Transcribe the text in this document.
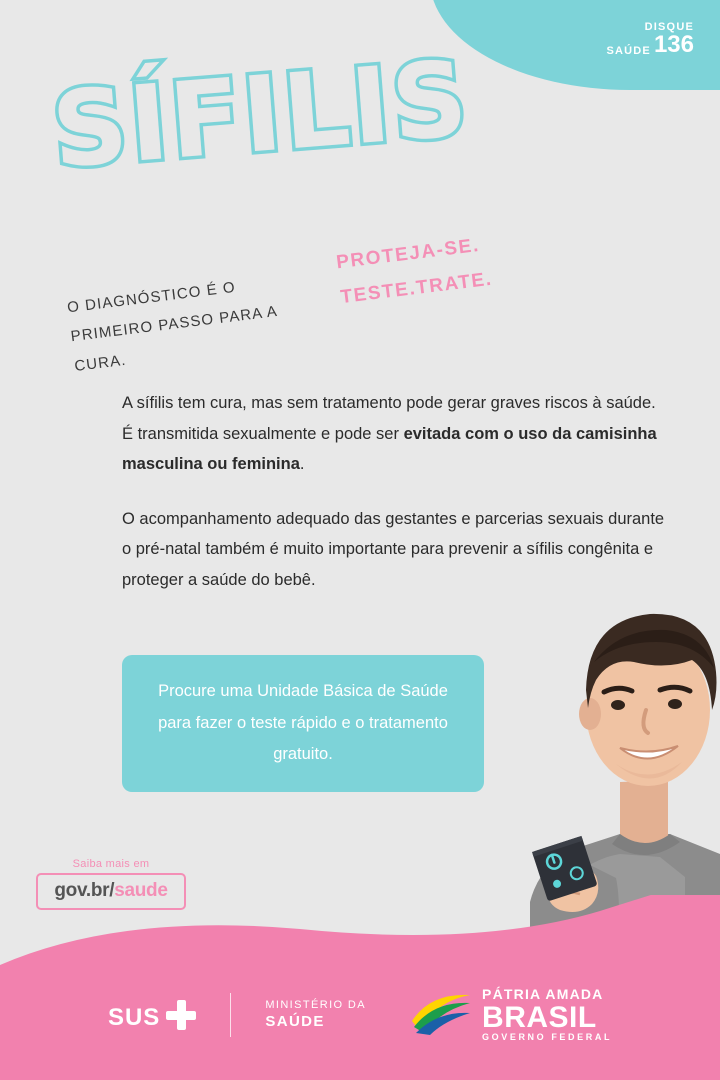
DISQUE
SAÚDE 136
SÍFILIS
O DIAGNÓSTICO É O PRIMEIRO PASSO PARA A CURA.
PROTEJA-SE.
TESTE.TRATE.

A sífilis tem cura, mas sem tratamento pode gerar graves riscos à saúde. É transmitida sexualmente e pode ser evitada com o uso da camisinha masculina ou feminina.

O acompanhamento adequado das gestantes e parcerias sexuais durante o pré-natal também é muito importante para prevenir a sífilis congênita e proteger a saúde do bebê.

Procure uma Unidade Básica de Saúde para fazer o teste rápido e o tratamento gratuito.

Saiba mais em
gov.br/saude
SUS	MINISTÉRIO DA
SAÚDE
PÁTRIA AMADA
BRASIL
GOVERNO FEDERAL
